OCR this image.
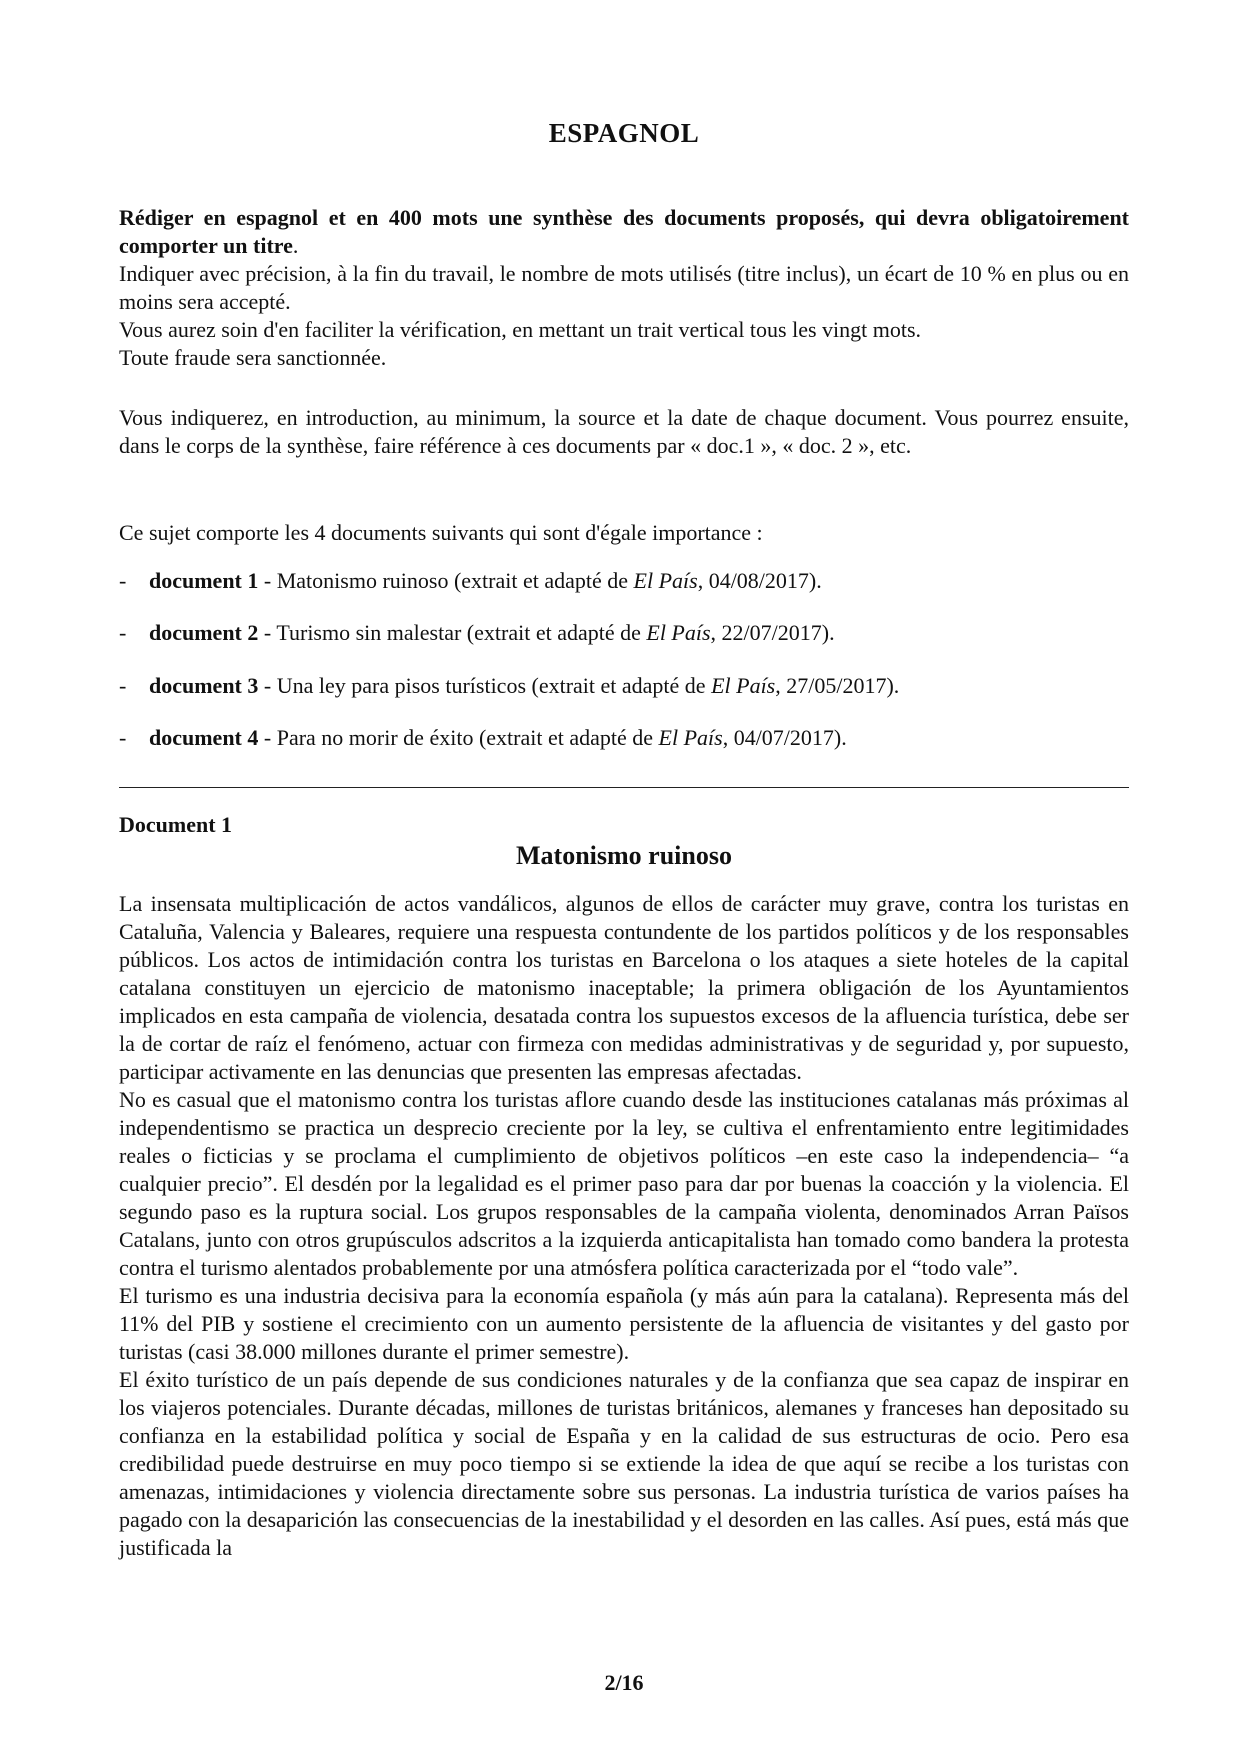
ESPAGNOL

Rédiger en espagnol et en 400 mots une synthèse des documents proposés, qui devra obligatoirement comporter un titre.

Indiquer avec précision, à la fin du travail, le nombre de mots utilisés (titre inclus), un écart de 10 % en plus ou en moins sera accepté.

Vous aurez soin d'en faciliter la vérification, en mettant un trait vertical tous les vingt mots.

Toute fraude sera sanctionnée.

Vous indiquerez, en introduction, au minimum, la source et la date de chaque document. Vous pourrez ensuite, dans le corps de la synthèse, faire référence à ces documents par « doc.1 », « doc. 2 », etc.

Ce sujet comporte les 4 documents suivants qui sont d'égale importance :

- document 1 - Matonismo ruinoso (extrait et adapté de El País, 04/08/2017).

- document 2 - Turismo sin malestar (extrait et adapté de El País, 22/07/2017).

- document 3 - Una ley para pisos turísticos (extrait et adapté de El País, 27/05/2017).

- document 4 - Para no morir de éxito (extrait et adapté de El País, 04/07/2017).

Document 1

Matonismo ruinoso

La insensata multiplicación de actos vandálicos, algunos de ellos de carácter muy grave, contra los turistas en Cataluña, Valencia y Baleares, requiere una respuesta contundente de los partidos políticos y de los responsables públicos. Los actos de intimidación contra los turistas en Barcelona o los ataques a siete hoteles de la capital catalana constituyen un ejercicio de matonismo inaceptable; la primera obligación de los Ayuntamientos implicados en esta campaña de violencia, desatada contra los supuestos excesos de la afluencia turística, debe ser la de cortar de raíz el fenómeno, actuar con firmeza con medidas administrativas y de seguridad y, por supuesto, participar activamente en las denuncias que presenten las empresas afectadas.

No es casual que el matonismo contra los turistas aflore cuando desde las instituciones catalanas más próximas al independentismo se practica un desprecio creciente por la ley, se cultiva el enfrentamiento entre legitimidades reales o ficticias y se proclama el cumplimiento de objetivos políticos –en este caso la independencia– “a cualquier precio”. El desdén por la legalidad es el primer paso para dar por buenas la coacción y la violencia. El segundo paso es la ruptura social. Los grupos responsables de la campaña violenta, denominados Arran Països Catalans, junto con otros grupúsculos adscritos a la izquierda anticapitalista han tomado como bandera la protesta contra el turismo alentados probablemente por una atmósfera política caracterizada por el “todo vale”.

El turismo es una industria decisiva para la economía española (y más aún para la catalana). Representa más del 11% del PIB y sostiene el crecimiento con un aumento persistente de la afluencia de visitantes y del gasto por turistas (casi 38.000 millones durante el primer semestre).

El éxito turístico de un país depende de sus condiciones naturales y de la confianza que sea capaz de inspirar en los viajeros potenciales. Durante décadas, millones de turistas británicos, alemanes y franceses han depositado su confianza en la estabilidad política y social de España y en la calidad de sus estructuras de ocio. Pero esa credibilidad puede destruirse en muy poco tiempo si se extiende la idea de que aquí se recibe a los turistas con amenazas, intimidaciones y violencia directamente sobre sus personas. La industria turística de varios países ha pagado con la desaparición las consecuencias de la inestabilidad y el desorden en las calles. Así pues, está más que justificada la

2/16
